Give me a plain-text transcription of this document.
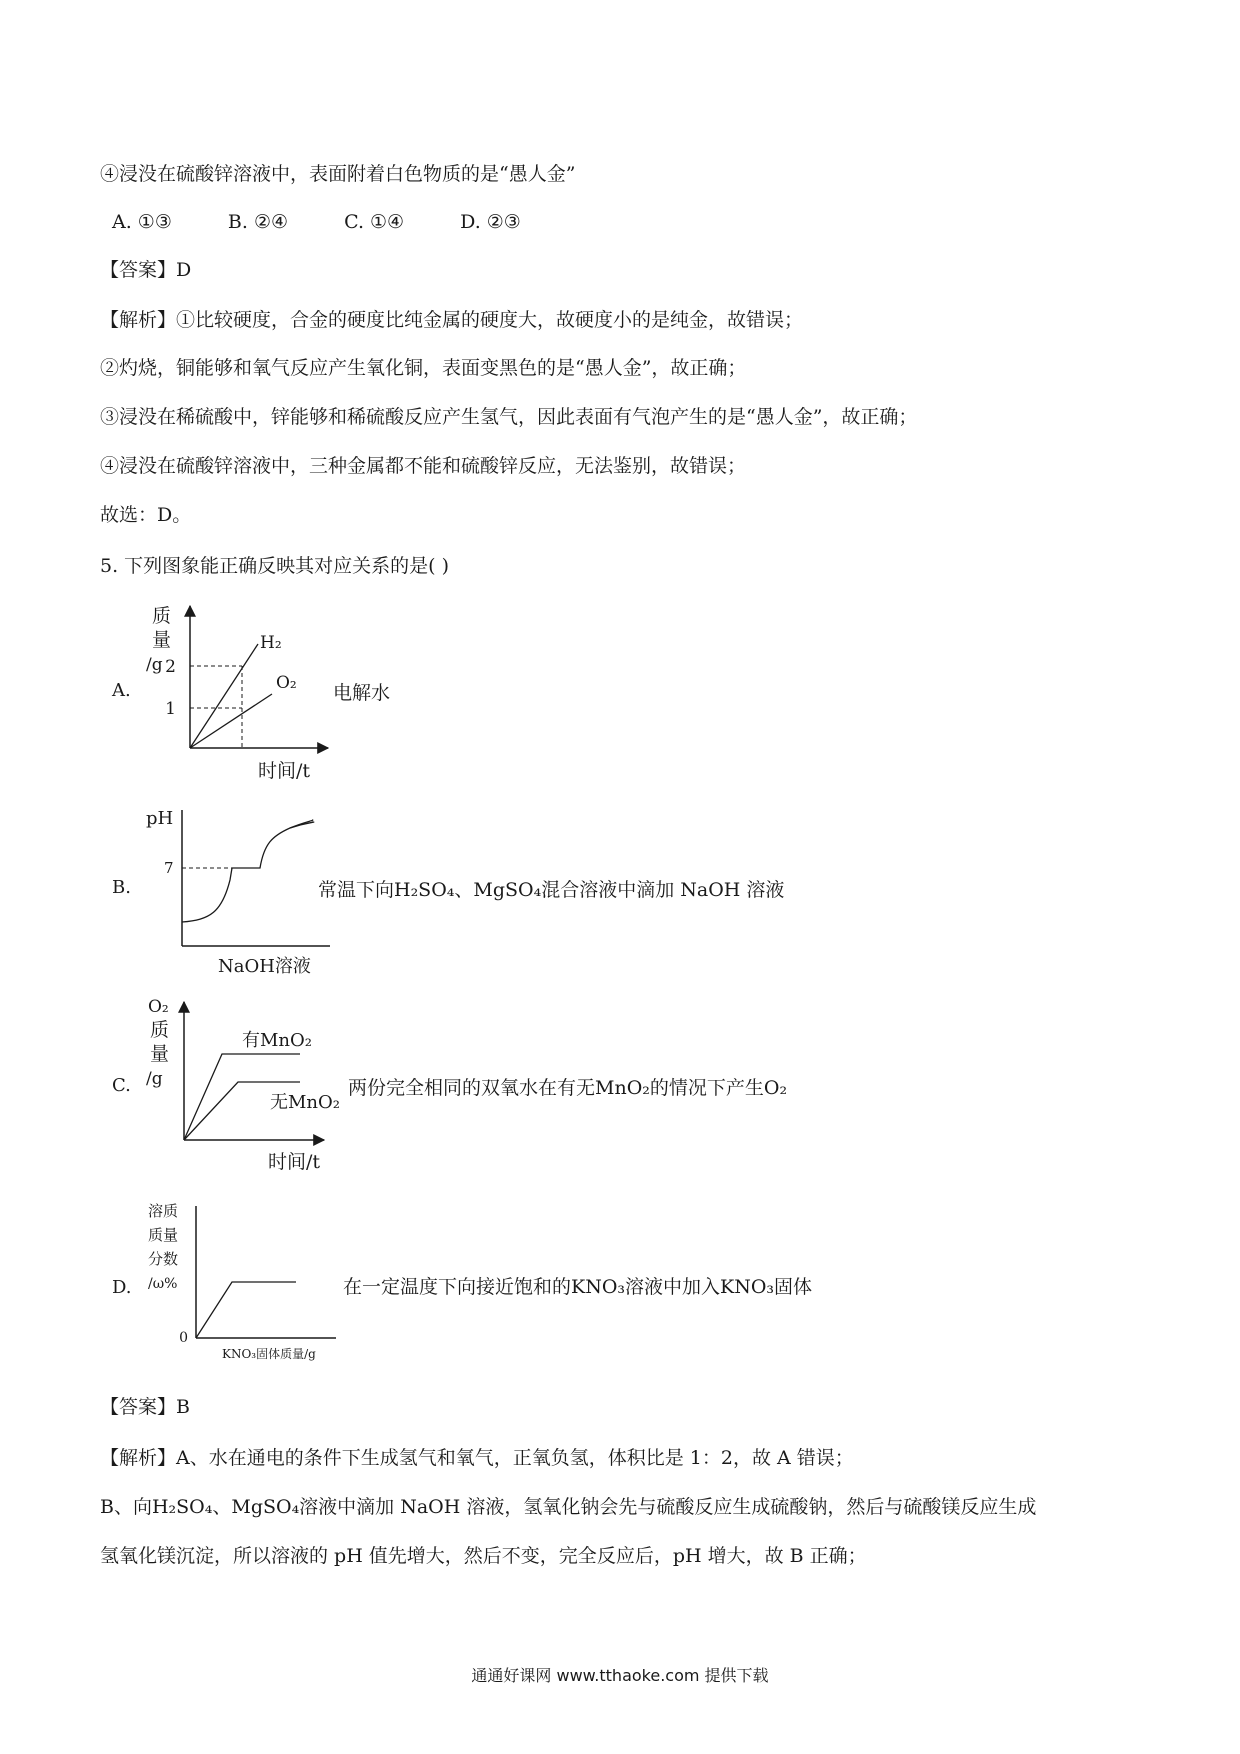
④浸没在硫酸锌溶液中，表面附着白色物质的是“愚人金”
A. ①③	B. ②④	C. ①④	D. ②③
【答案】D
【解析】①比较硬度，合金的硬度比纯金属的硬度大，故硬度小的是纯金，故错误；
②灼烧，铜能够和氧气反应产生氧化铜，表面变黑色的是“愚人金”，故正确；
③浸没在稀硫酸中，锌能够和稀硫酸反应产生氢气，因此表面有气泡产生的是“愚人金”，故正确；
④浸没在硫酸锌溶液中，三种金属都不能和硫酸锌反应，无法鉴别，故错误；
故选：D。
5. 下列图象能正确反映其对应关系的是( )
A.
2
1
H₂
O₂
质
量
/g
时间/t
电解水
B.
pH
7
NaOH溶液
常温下向H₂SO₄、MgSO₄混合溶液中滴加 NaOH 溶液
C.
O₂
质
量
/g
有MnO₂
无MnO₂
时间/t
两份完全相同的双氧水在有无MnO₂的情况下产生O₂
D.
溶质
质量
分数
/ω%
0
KNO₃固体质量/g
在一定温度下向接近饱和的KNO₃溶液中加入KNO₃固体
【答案】B
【解析】A、水在通电的条件下生成氢气和氧气，正氧负氢，体积比是 1：2，故 A 错误；
B、向H₂SO₄、MgSO₄溶液中滴加 NaOH 溶液，氢氧化钠会先与硫酸反应生成硫酸钠，然后与硫酸镁反应生成
氢氧化镁沉淀，所以溶液的 pH 值先增大，然后不变，完全反应后，pH 增大，故 B 正确；
通通好课网 www.tthaoke.com 提供下载
